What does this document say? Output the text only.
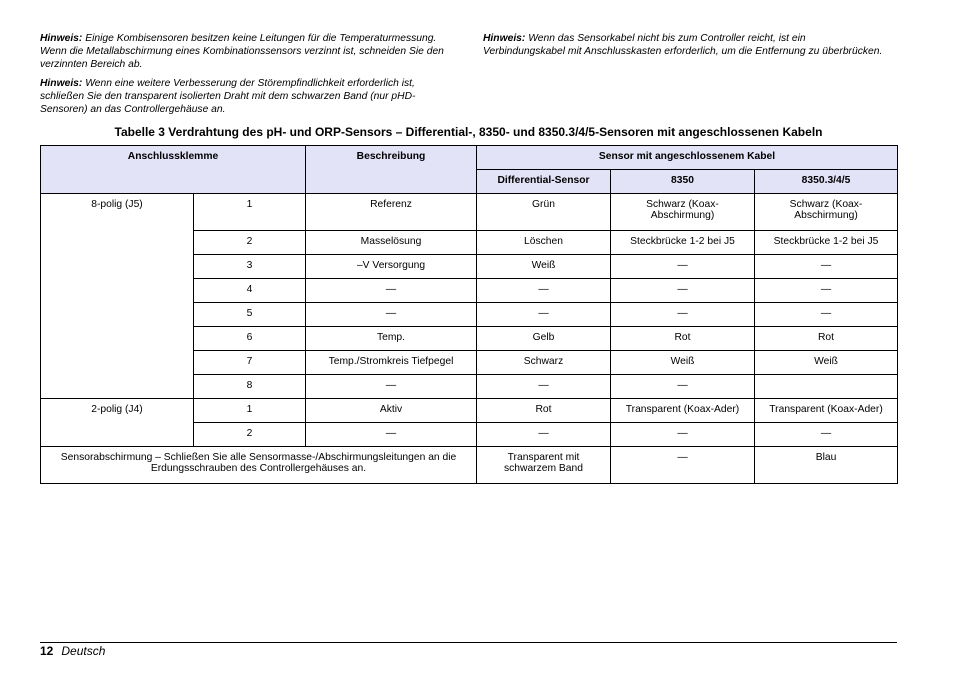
Hinweis: Einige Kombisensoren besitzen keine Leitungen für die Temperaturmessung. Wenn die Metallabschirmung eines Kombinationssensors verzinnt ist, schneiden Sie den verzinnten Bereich ab.

Hinweis: Wenn eine weitere Verbesserung der Störempfindlichkeit erforderlich ist, schließen Sie den transparent isolierten Draht mit dem schwarzen Band (nur pHD-Sensoren) an das Controllergehäuse an.

Hinweis: Wenn das Sensorkabel nicht bis zum Controller reicht, ist ein Verbindungskabel mit Anschlusskasten erforderlich, um die Entfernung zu überbrücken.

Tabelle 3 Verdrahtung des pH- und ORP-Sensors – Differential-, 8350- und 8350.3/4/5-Sensoren mit angeschlossenen Kabeln
Anschlussklemme		Beschreibung	Sensor mit angeschlossenem Kabel		
			Differential-Sensor	8350	8350.3/4/5
8-polig (J5)	1	Referenz	Grün	Schwarz (Koax-Abschirmung)	Schwarz (Koax-Abschirmung)
	2	Masselösung	Löschen	Steckbrücke 1-2 bei J5	Steckbrücke 1-2 bei J5
	3	–V Versorgung	Weiß	—	—
	4	—	—	—	—
	5	—	—	—	—
	6	Temp.	Gelb	Rot	Rot
	7	Temp./Stromkreis Tiefpegel	Schwarz	Weiß	Weiß
	8	—	—	—	
2-polig (J4)	1	Aktiv	Rot	Transparent (Koax-Ader)	Transparent (Koax-Ader)
	2	—	—	—	—
Sensorabschirmung – Schließen Sie alle Sensormasse-/Abschirmungsleitungen an die Erdungsschrauben des Controllergehäuses an.			Transparent mit schwarzem Band	—	Blau
12 Deutsch
